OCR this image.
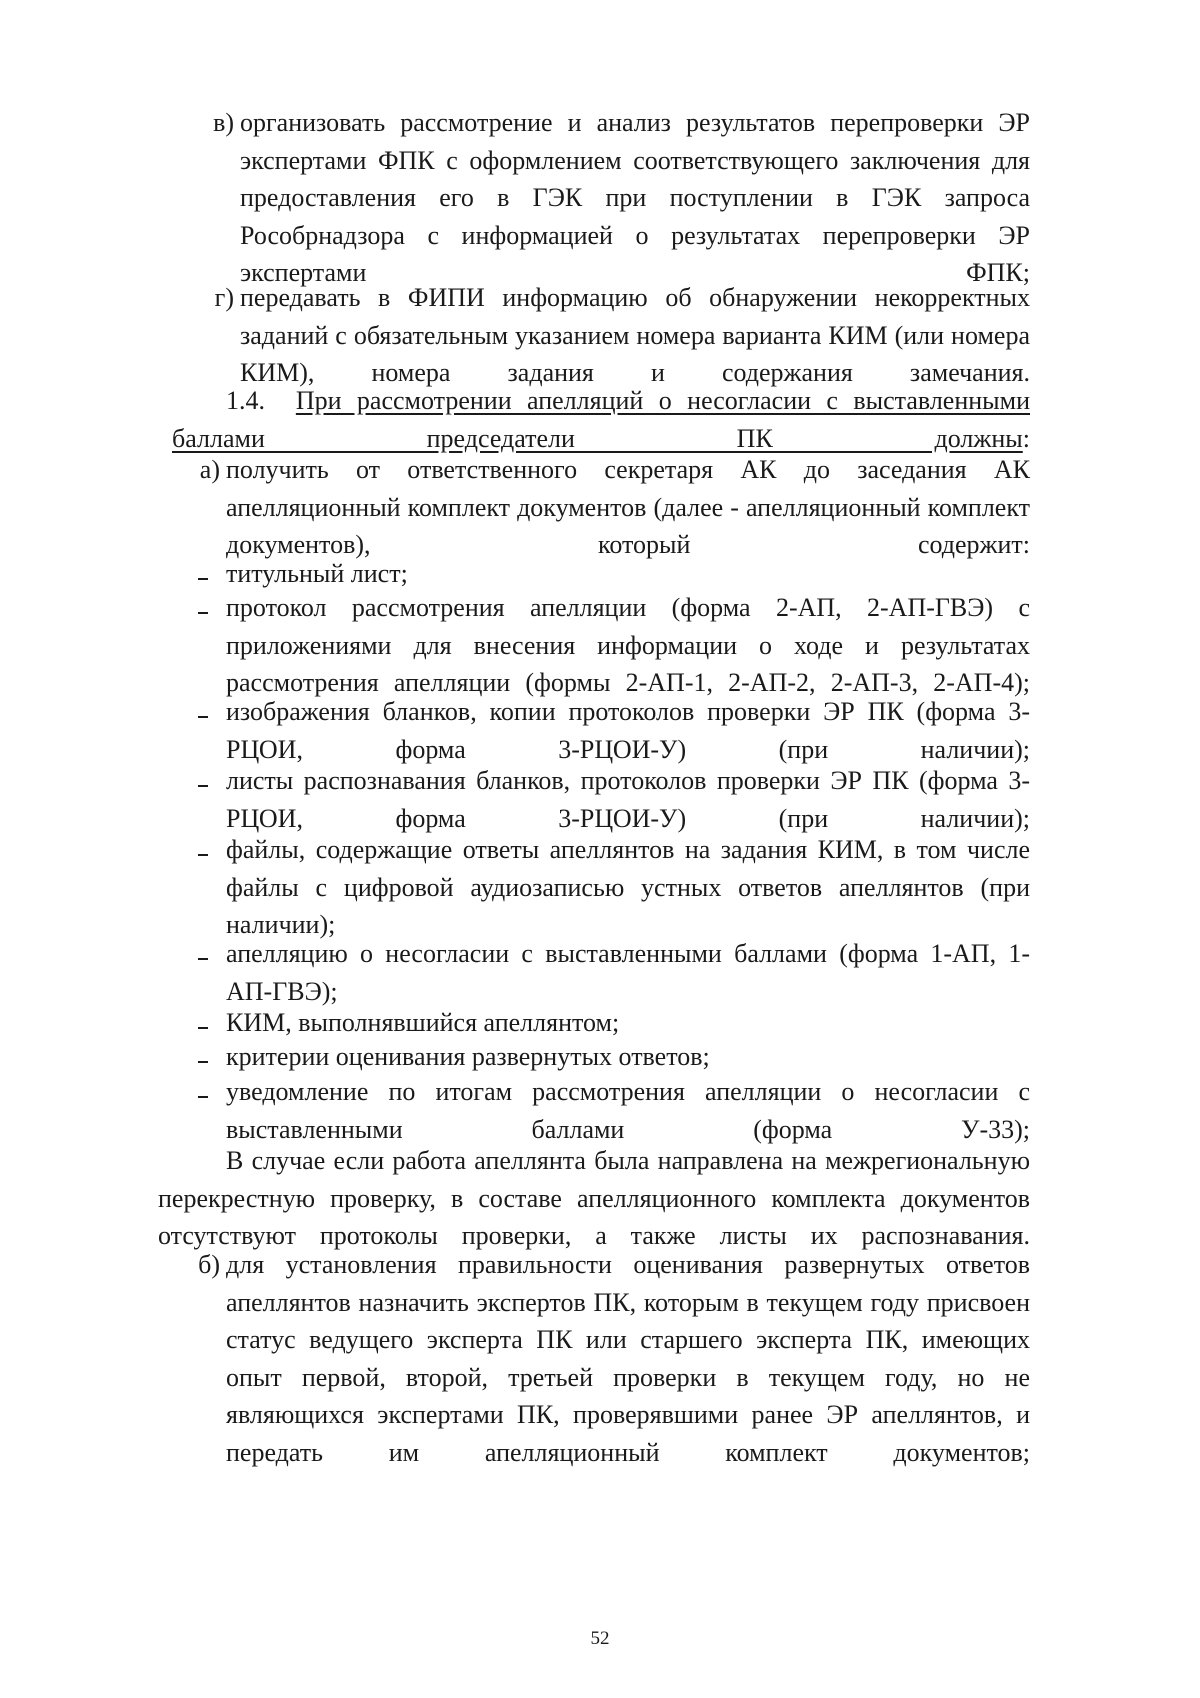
в) организовать рассмотрение и анализ результатов перепроверки ЭР экспертами ФПК с оформлением соответствующего заключения для предоставления его в ГЭК при поступлении в ГЭК запроса Рособрнадзора с информацией о результатах перепроверки ЭР экспертами ФПК;
г) передавать в ФИПИ информацию об обнаружении некорректных заданий с обязательным указанием номера варианта КИМ (или номера КИМ), номера задания и содержания замечания.
1.4. При рассмотрении апелляций о несогласии с выставленными баллами председатели ПК должны:
а) получить от ответственного секретаря АК до заседания АК апелляционный комплект документов (далее - апелляционный комплект документов), который содержит:
титульный лист;
протокол рассмотрения апелляции (форма 2-АП, 2-АП-ГВЭ) с приложениями для внесения информации о ходе и результатах рассмотрения апелляции (формы 2-АП-1, 2-АП-2, 2-АП-3, 2-АП-4);
изображения бланков, копии протоколов проверки ЭР ПК (форма 3-РЦОИ, форма 3-РЦОИ-У) (при наличии);
листы распознавания бланков, протоколов проверки ЭР ПК (форма 3-РЦОИ, форма 3-РЦОИ-У) (при наличии);
файлы, содержащие ответы апеллянтов на задания КИМ, в том числе файлы с цифровой аудиозаписью устных ответов апеллянтов (при наличии);
апелляцию о несогласии с выставленными баллами (форма 1-АП, 1-АП-ГВЭ);
КИМ, выполнявшийся апеллянтом;
критерии оценивания развернутых ответов;
уведомление по итогам рассмотрения апелляции о несогласии с выставленными баллами (форма У-33);
В случае если работа апеллянта была направлена на межрегиональную перекрестную проверку, в составе апелляционного комплекта документов отсутствуют протоколы проверки, а также листы их распознавания.
б) для установления правильности оценивания развернутых ответов апеллянтов назначить экспертов ПК, которым в текущем году присвоен статус ведущего эксперта ПК или старшего эксперта ПК, имеющих опыт первой, второй, третьей проверки в текущем году, но не являющихся экспертами ПК, проверявшими ранее ЭР апеллянтов, и передать им апелляционный комплект документов;
52
